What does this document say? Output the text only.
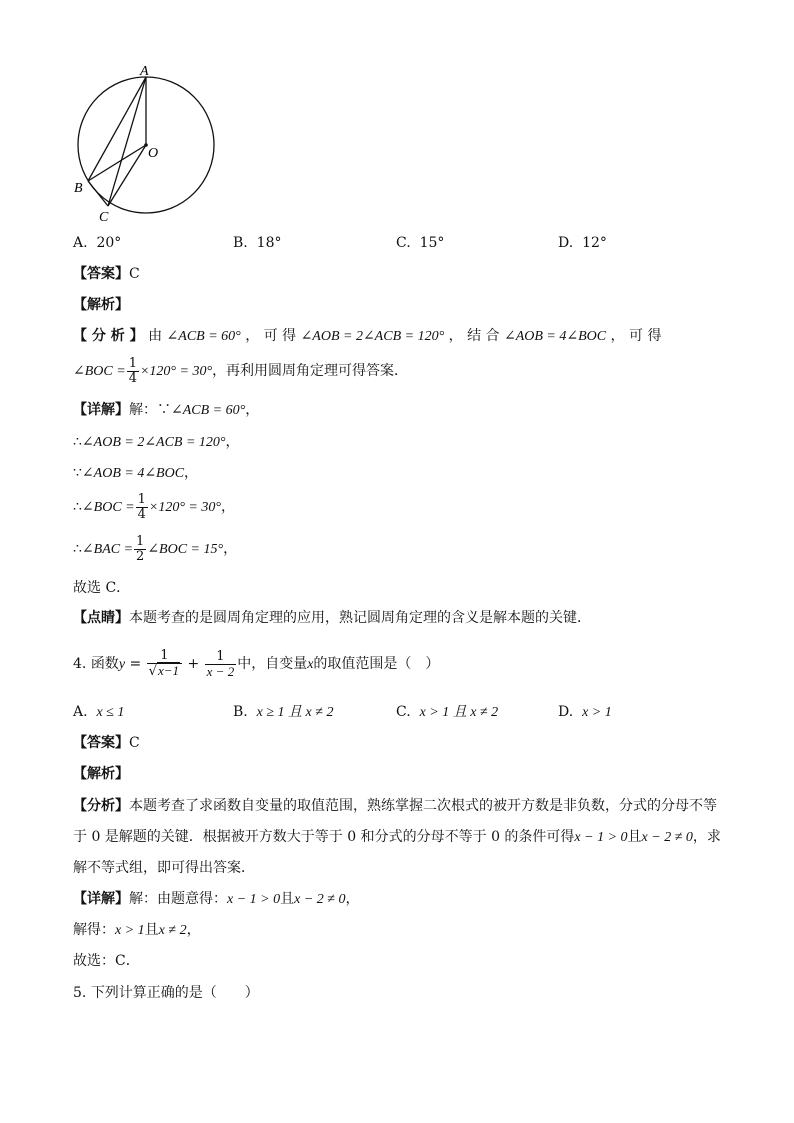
A
O
B
C
A. 20°	B. 18°	C. 15°	D. 12°
【答案】C
【解析】
【 分 析 】 由 ∠ACB = 60° ， 可 得 ∠AOB = 2∠ACB = 120° ， 结 合 ∠AOB = 4∠BOC ， 可 得
∠BOC = $\frac{1}{4} \times 120^\circ = 30^\circ$，再利用圆周角定理可得答案．
【详解】解：∵∠ACB = 60°，
∴∠AOB = 2∠ACB = 120°，
∵∠AOB = 4∠BOC，
∴∠BOC = $\frac{1}{4} \times 120^\circ = 30^\circ$，
∴∠BAC = $\frac{1}{2}$ ∠BOC = 15°，
故选 C．
【点睛】本题考查的是圆周角定理的应用，熟记圆周角定理的含义是解本题的关键．
4. 函数$y = \frac{1}{√x-1} + \frac{1}{x - 2}$ 中，自变量x的取值范围是（　）
A. x ≤ 1	B. x ≥ 1 且 x ≠ 2	C. x > 1 且 x ≠ 2	D. x > 1
【答案】C
【解析】
【分析】本题考查了求函数自变量的取值范围，熟练掌握二次根式的被开方数是非负数，分式的分母不等
于 0 是解题的关键．根据被开方数大于等于 0 和分式的分母不等于 0 的条件可得x − 1 > 0且x − 2 ≠ 0，求
解不等式组，即可得出答案．
【详解】解：由题意得：x − 1 > 0且x − 2 ≠ 0，
解得：x > 1且x ≠ 2，
故选：C．
5. 下列计算正确的是（　　）
